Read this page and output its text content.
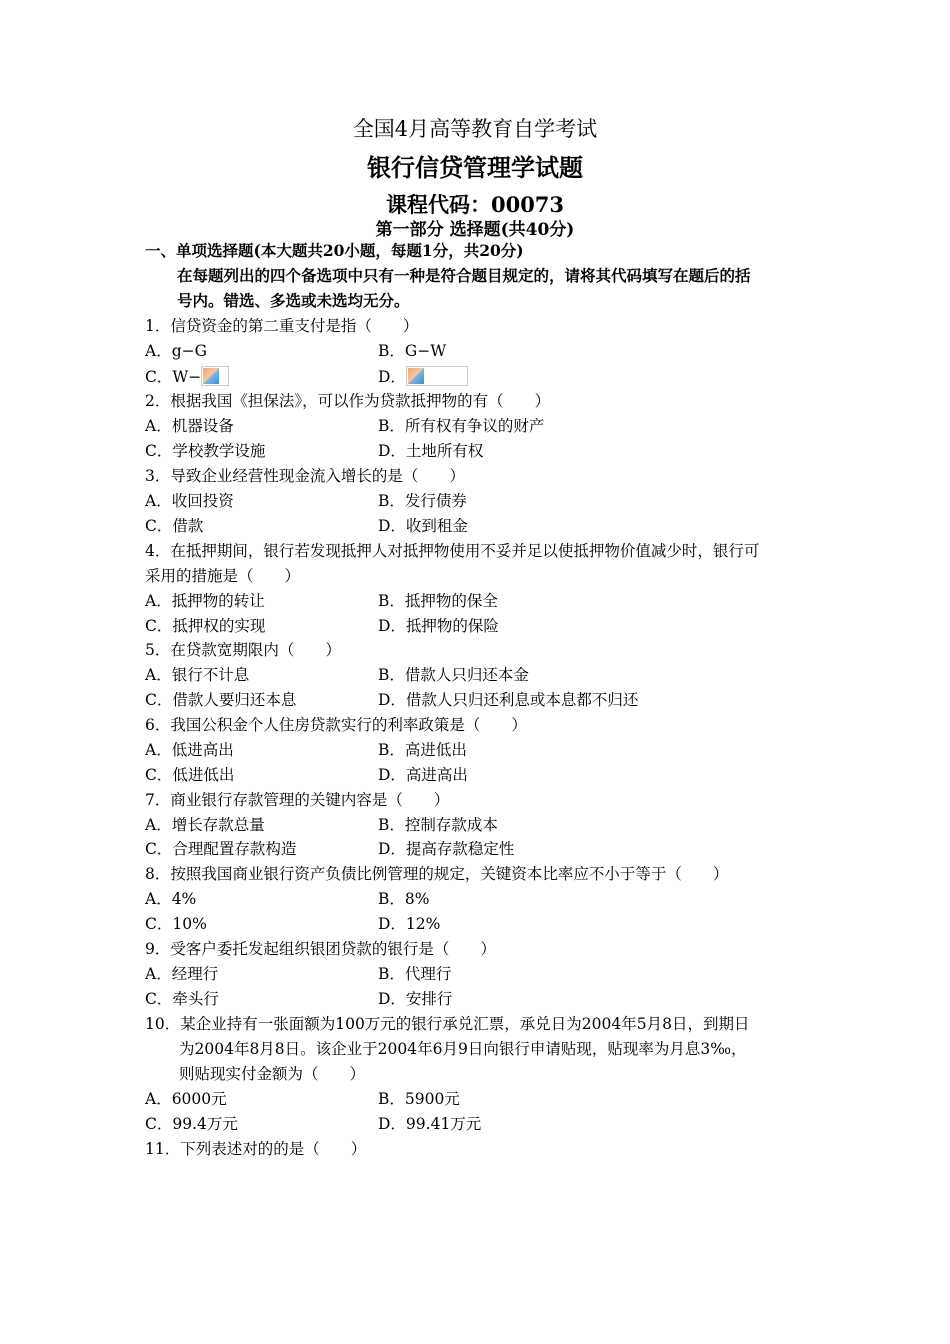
全国4月高等教育自学考试
银行信贷管理学试题
课程代码：00073
第一部分 选择题(共40分)
一、单项选择题(本大题共20小题，每题1分，共20分)
在每题列出的四个备选项中只有一种是符合题目规定的，请将其代码填写在题后的括
号内。错选、多选或未选均无分。
1．信贷资金的第二重支付是指（　　）
A．g−G	B．G−W
C．W−	D．
2．根据我国《担保法》，可以作为贷款抵押物的有（　　）
A．机器设备	B．所有权有争议的财产
C．学校教学设施	D．土地所有权
3．导致企业经营性现金流入增长的是（　　）
A．收回投资	B．发行债券
C．借款	D．收到租金
4．在抵押期间，银行若发现抵押人对抵押物使用不妥并足以使抵押物价值减少时，银行可
采用的措施是（　　）
A．抵押物的转让	B．抵押物的保全
C．抵押权的实现	D．抵押物的保险
5．在贷款宽期限内（　　）
A．银行不计息	B．借款人只归还本金
C．借款人要归还本息	D．借款人只归还利息或本息都不归还
6．我国公积金个人住房贷款实行的利率政策是（　　）
A．低进高出	B．高进低出
C．低进低出	D．高进高出
7．商业银行存款管理的关键内容是（　　）
A．增长存款总量	B．控制存款成本
C．合理配置存款构造	D．提高存款稳定性
8．按照我国商业银行资产负债比例管理的规定，关键资本比率应不小于等于（　　）
A．4%	B．8%
C．10%	D．12%
9．受客户委托发起组织银团贷款的银行是（　　）
A．经理行	B．代理行
C．牵头行	D．安排行
10．某企业持有一张面额为100万元的银行承兑汇票，承兑日为2004年5月8日，到期日
为2004年8月8日。该企业于2004年6月9日向银行申请贴现，贴现率为月息3‰，
则贴现实付金额为（　　）
A．6000元	B．5900元
C．99.4万元	D．99.41万元
11．下列表述对的的是（　　）
